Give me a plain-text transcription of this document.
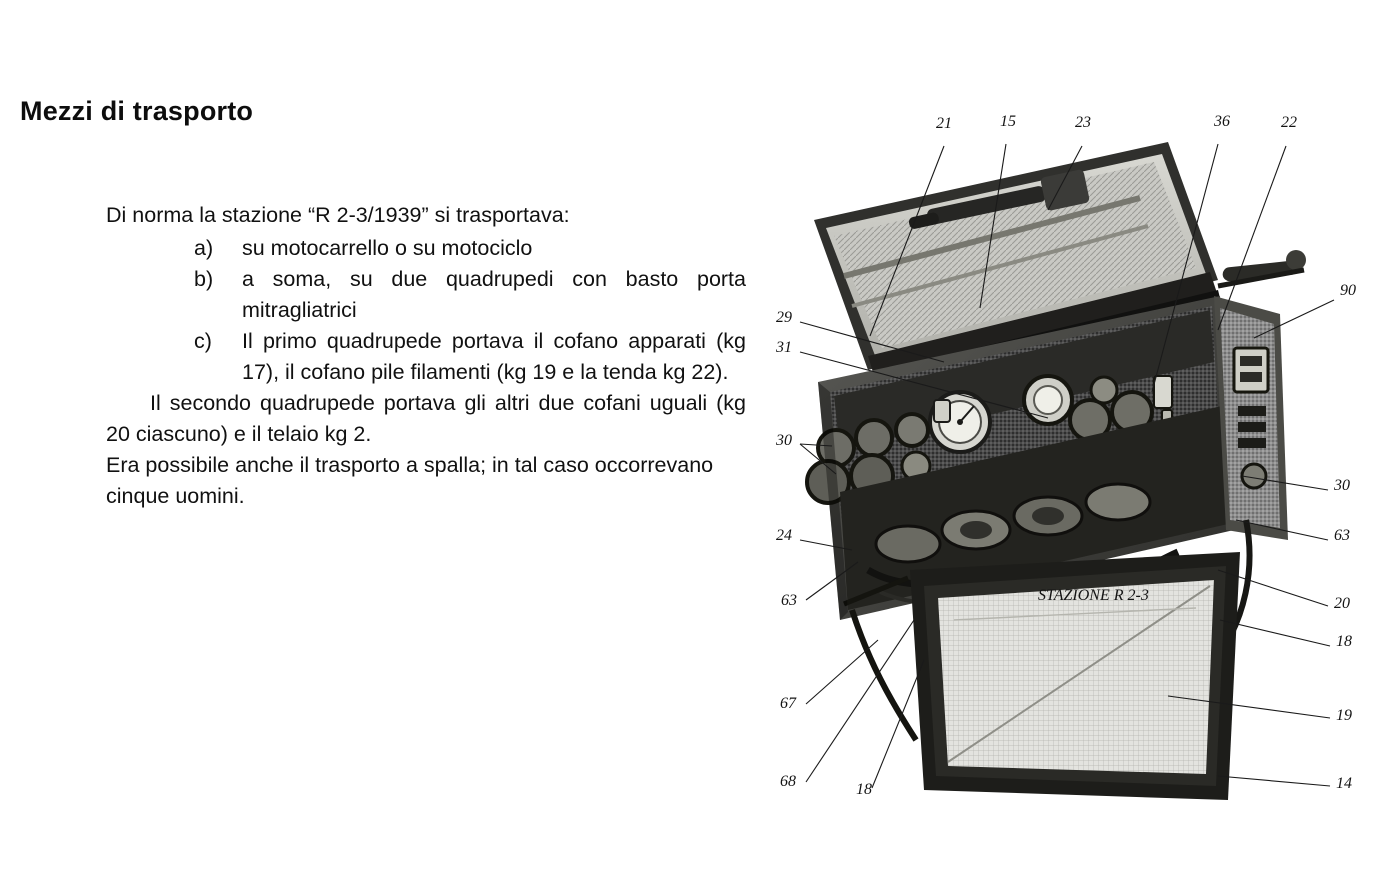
Mezzi di trasporto

Di norma la stazione “R 2-3/1939” si trasportava:

a)	su motocarrello o su motociclo
b)	a soma, su due quadrupedi con basto porta mitragliatrici
c)	Il primo quadrupede portava il cofano apparati (kg 17), il cofano pile filamenti (kg 19 e la tenda kg 22).

Il secondo quadrupede portava gli altri due cofani uguali (kg 20 ciascuno) e il telaio kg 2.

Era possibile anche il trasporto a spalla; in tal caso occorrevano cinque uomini.

STAZIONE R 2-3
21	15	23	36	22
90
29
31
30
24
63
67
68	18
30
63
20
18
19
14
